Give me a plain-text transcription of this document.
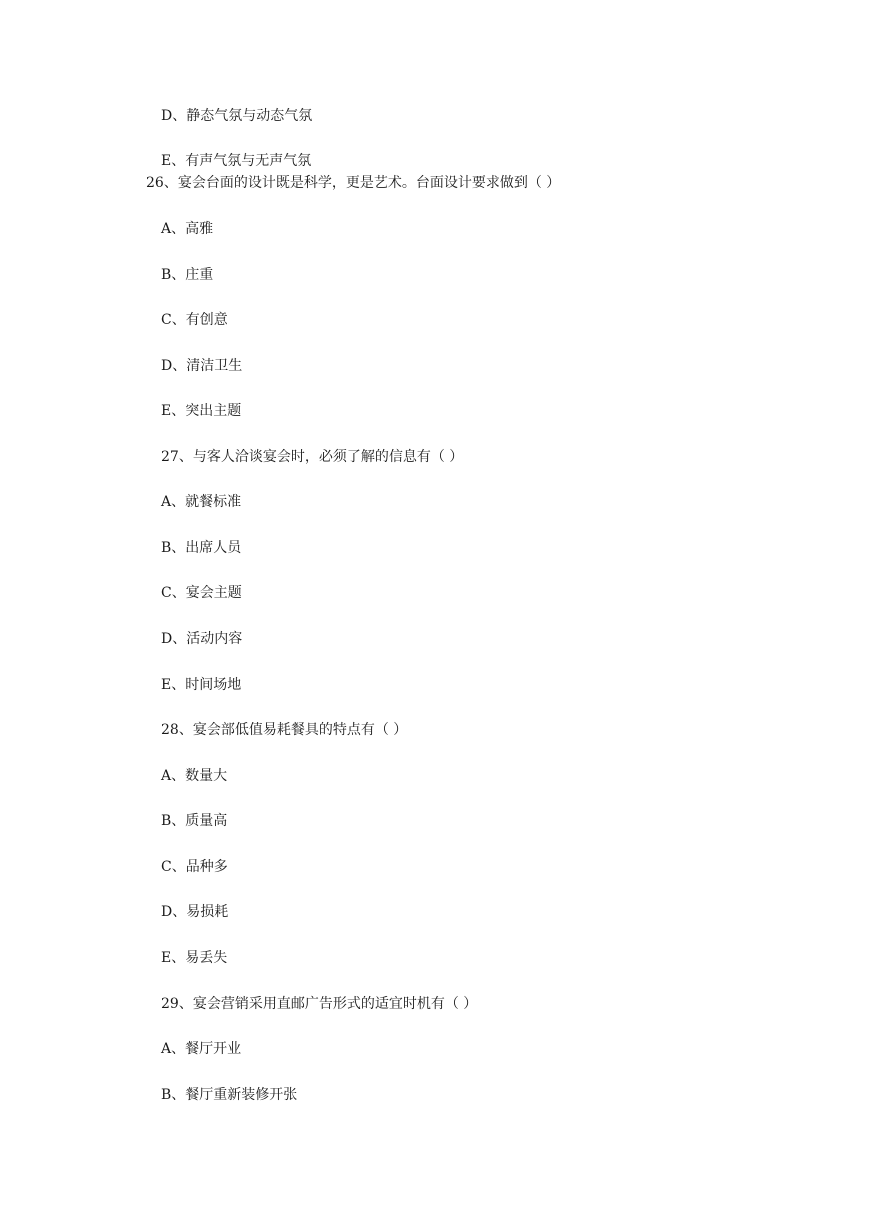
D、静态气氛与动态气氛
E、有声气氛与无声气氛
26、宴会台面的设计既是科学，更是艺术。台面设计要求做到（ ）
A、高雅
B、庄重
C、有创意
D、清洁卫生
E、突出主题
27、与客人洽谈宴会时，必须了解的信息有（ ）
A、就餐标准
B、出席人员
C、宴会主题
D、活动内容
E、时间场地
28、宴会部低值易耗餐具的特点有（ ）
A、数量大
B、质量高
C、品种多
D、易损耗
E、易丢失
29、宴会营销采用直邮广告形式的适宜时机有（ ）
A、餐厅开业
B、餐厅重新装修开张
